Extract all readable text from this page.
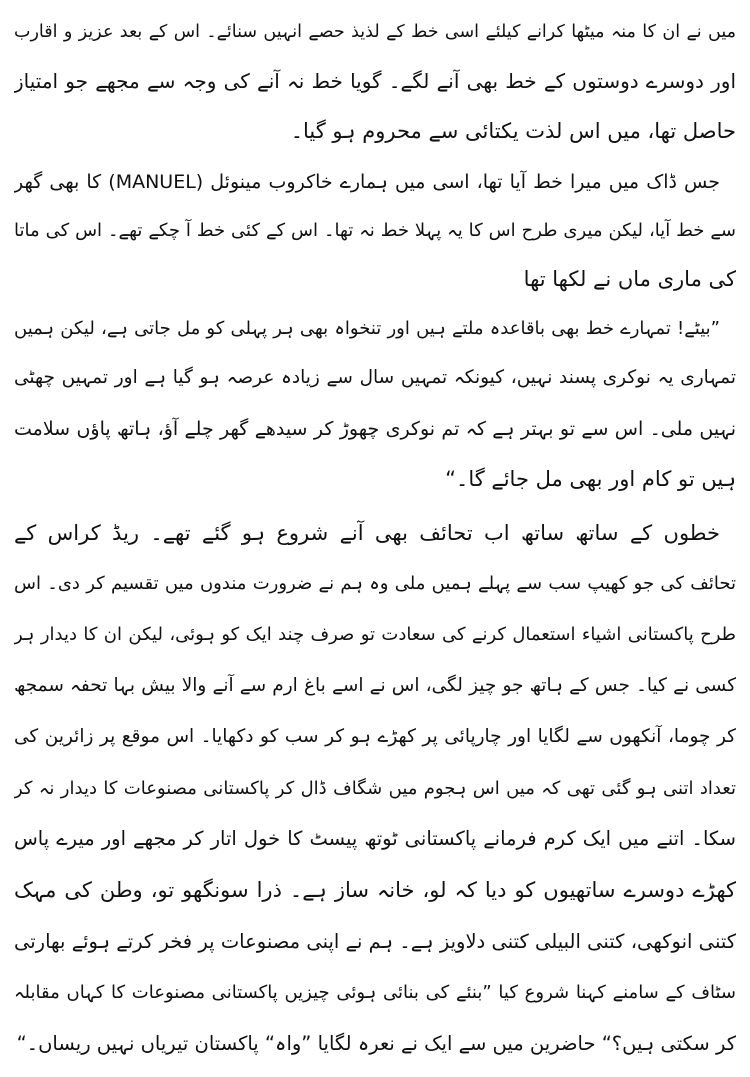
میں نے ان کا منہ میٹھا کرانے کیلئے اسی خط کے لذیذ حصے انہیں سنائے۔ اس کے بعد عزیز و اقارب
اور دوسرے دوستوں کے خط بھی آنے لگے۔ گویا خط نہ آنے کی وجہ سے مجھے جو امتیاز
حاصل تھا، میں اس لذت یکتائی سے محروم ہو گیا۔
جس ڈاک میں میرا خط آیا تھا، اسی میں ہمارے خاکروب مینوئل (MANUEL) کا بھی گھر
سے خط آیا، لیکن میری طرح اس کا یہ پہلا خط نہ تھا۔ اس کے کئی خط آ چکے تھے۔ اس کی ماتا
کی ماری ماں نے لکھا تھا
”بیٹے! تمہارے خط بھی باقاعدہ ملتے ہیں اور تنخواہ بھی ہر پہلی کو مل جاتی ہے، لیکن ہمیں
تمہاری یہ نوکری پسند نہیں، کیونکہ تمہیں سال سے زیادہ عرصہ ہو گیا ہے اور تمہیں چھٹی
نہیں ملی۔ اس سے تو بہتر ہے کہ تم نوکری چھوڑ کر سیدھے گھر چلے آؤ، ہاتھ پاؤں سلامت
ہیں تو کام اور بھی مل جائے گا۔“
خطوں کے ساتھ ساتھ اب تحائف بھی آنے شروع ہو گئے تھے۔ ریڈ کراس کے
تحائف کی جو کھیپ سب سے پہلے ہمیں ملی وہ ہم نے ضرورت مندوں میں تقسیم کر دی۔ اس
طرح پاکستانی اشیاء استعمال کرنے کی سعادت تو صرف چند ایک کو ہوئی، لیکن ان کا دیدار ہر
کسی نے کیا۔ جس کے ہاتھ جو چیز لگی، اس نے اسے باغ ارم سے آنے والا بیش بہا تحفہ سمجھ
کر چوما، آنکھوں سے لگایا اور چارپائی پر کھڑے ہو کر سب کو دکھایا۔ اس موقع پر زائرین کی
تعداد اتنی ہو گئی تھی کہ میں اس ہجوم میں شگاف ڈال کر پاکستانی مصنوعات کا دیدار نہ کر
سکا۔ اتنے میں ایک کرم فرمانے پاکستانی ٹوتھ پیسٹ کا خول اتار کر مجھے اور میرے پاس
کھڑے دوسرے ساتھیوں کو دیا کہ لو، خانہ ساز ہے۔ ذرا سونگھو تو، وطن کی مہک
کتنی انوکھی، کتنی البیلی کتنی دلاویز ہے۔ ہم نے اپنی مصنوعات پر فخر کرتے ہوئے بھارتی
سٹاف کے سامنے کہنا شروع کیا ”بنئے کی بنائی ہوئی چیزیں پاکستانی مصنوعات کا کہاں مقابلہ
کر سکتی ہیں؟“ حاضرین میں سے ایک نے نعرہ لگایا ”واہ“ پاکستان تیریاں نہیں ریساں۔“
